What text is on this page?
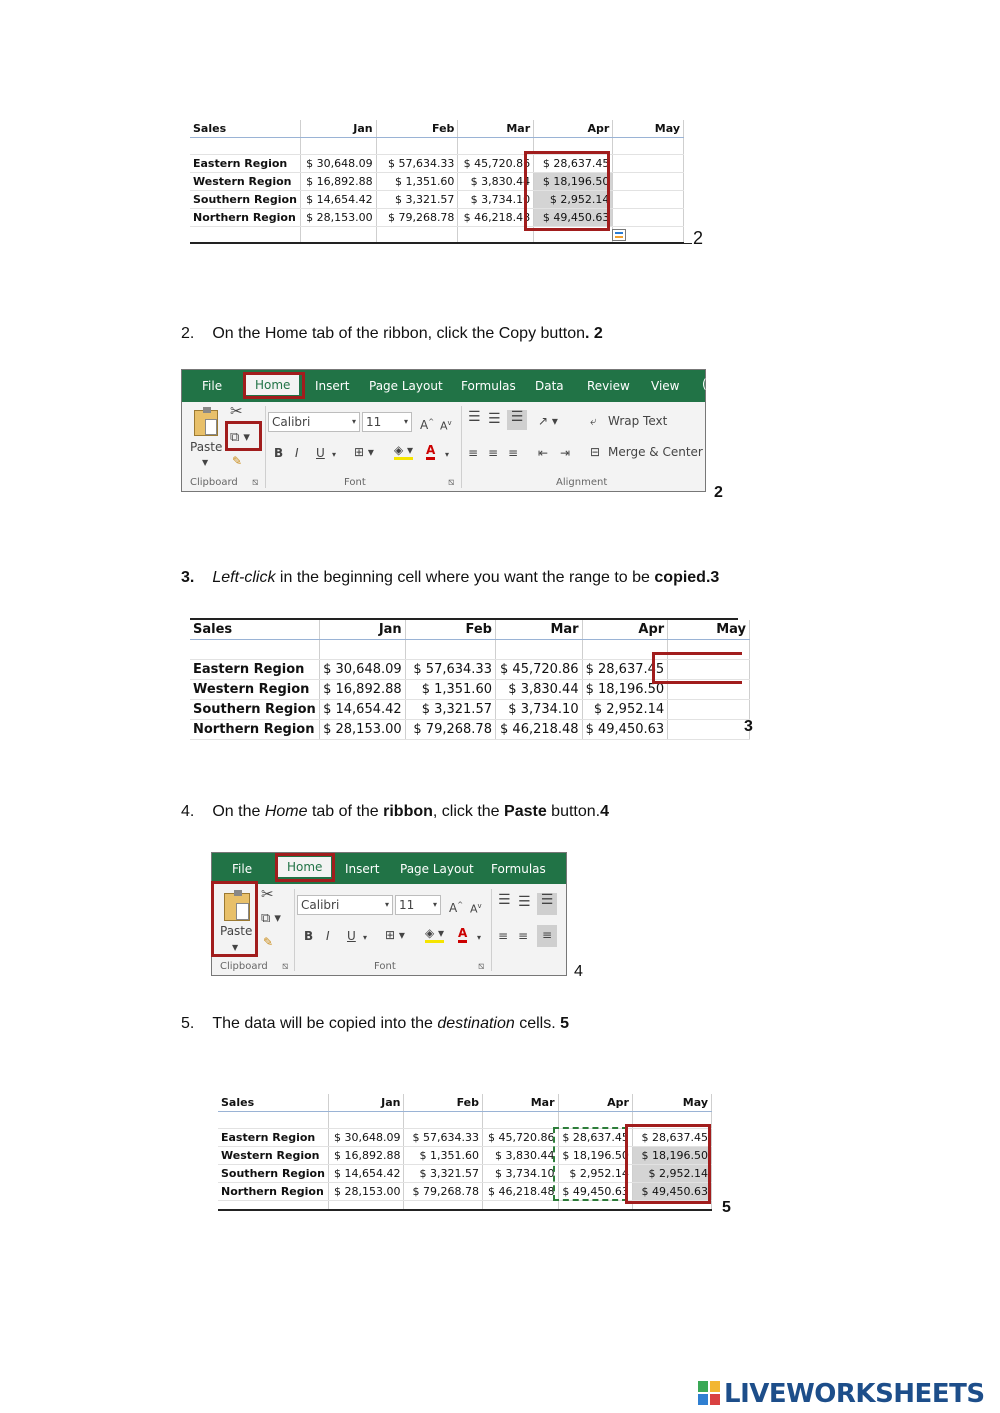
Sales	Jan	Feb	Mar	Apr	May

Eastern Region	$ 30,648.09	$ 57,634.33	$ 45,720.86	$ 28,637.45	
Western Region	$ 16,892.88	$ 1,351.60	$ 3,830.44	$ 18,196.50	
Southern Region	$ 14,654.42	$ 3,321.57	$ 3,734.10	$ 2,952.14	
Northern Region	$ 28,153.00	$ 79,268.78	$ 46,218.48	$ 49,450.63	

2
2. On the Home tab of the ribbon, click the Copy button. 2
File	Home	Insert Page Layout Formulas Data Review View (
Paste
▼
✂
⧉ ▾
✎
Clipboard ⧅
Calibri	▾ 11	▾ A^ $A^v$
B I U ▾ ⊞ ▾ ◈ ▾ A ▾
Font	⧅
☰ ☰ ☰	↗ ▾
≡ ≡ ≡ ⇤ ⇥
⤶ Wrap Text
⊟ Merge & Center
Alignment
2
3. Left-click in the beginning cell where you want the range to be copied.3
Sales	Jan	Feb	Mar	Apr	May

Eastern Region	$ 30,648.09	$ 57,634.33	$ 45,720.86	$ 28,637.45	
Western Region	$ 16,892.88	$ 1,351.60	$ 3,830.44	$ 18,196.50	
Southern Region	$ 14,654.42	$ 3,321.57	$ 3,734.10	$ 2,952.14	
Northern Region	$ 28,153.00	$ 79,268.78	$ 46,218.48	$ 49,450.63		3
4. On the Home tab of the ribbon, click the Paste button.4
File	Home	Insert Page Layout Formulas
Paste
▼
✂
⧉ ▾
✎
Clipboard ⧅
Calibri	▾ 11 ▾ A^ $A^v$
B I U ▾ ⊞ ▾ ◈ ▾ A ▾
Font	⧅
☰ ☰ ☰
≡ ≡	≡
4
5. The data will be copied into the destination cells. 5
Sales	Jan	Feb	Mar	Apr	May

Eastern Region	$ 30,648.09	$ 57,634.33	$ 45,720.86	$ 28,637.45	$ 28,637.45
Western Region	$ 16,892.88	$ 1,351.60	$ 3,830.44	$ 18,196.50	$ 18,196.50
Southern Region	$ 14,654.42	$ 3,321.57	$ 3,734.10	$ 2,952.14	$ 2,952.14
Northern Region	$ 28,153.00	$ 79,268.78	$ 46,218.48	$ 49,450.63	$ 49,450.63

5
LIVEWORKSHEETS
